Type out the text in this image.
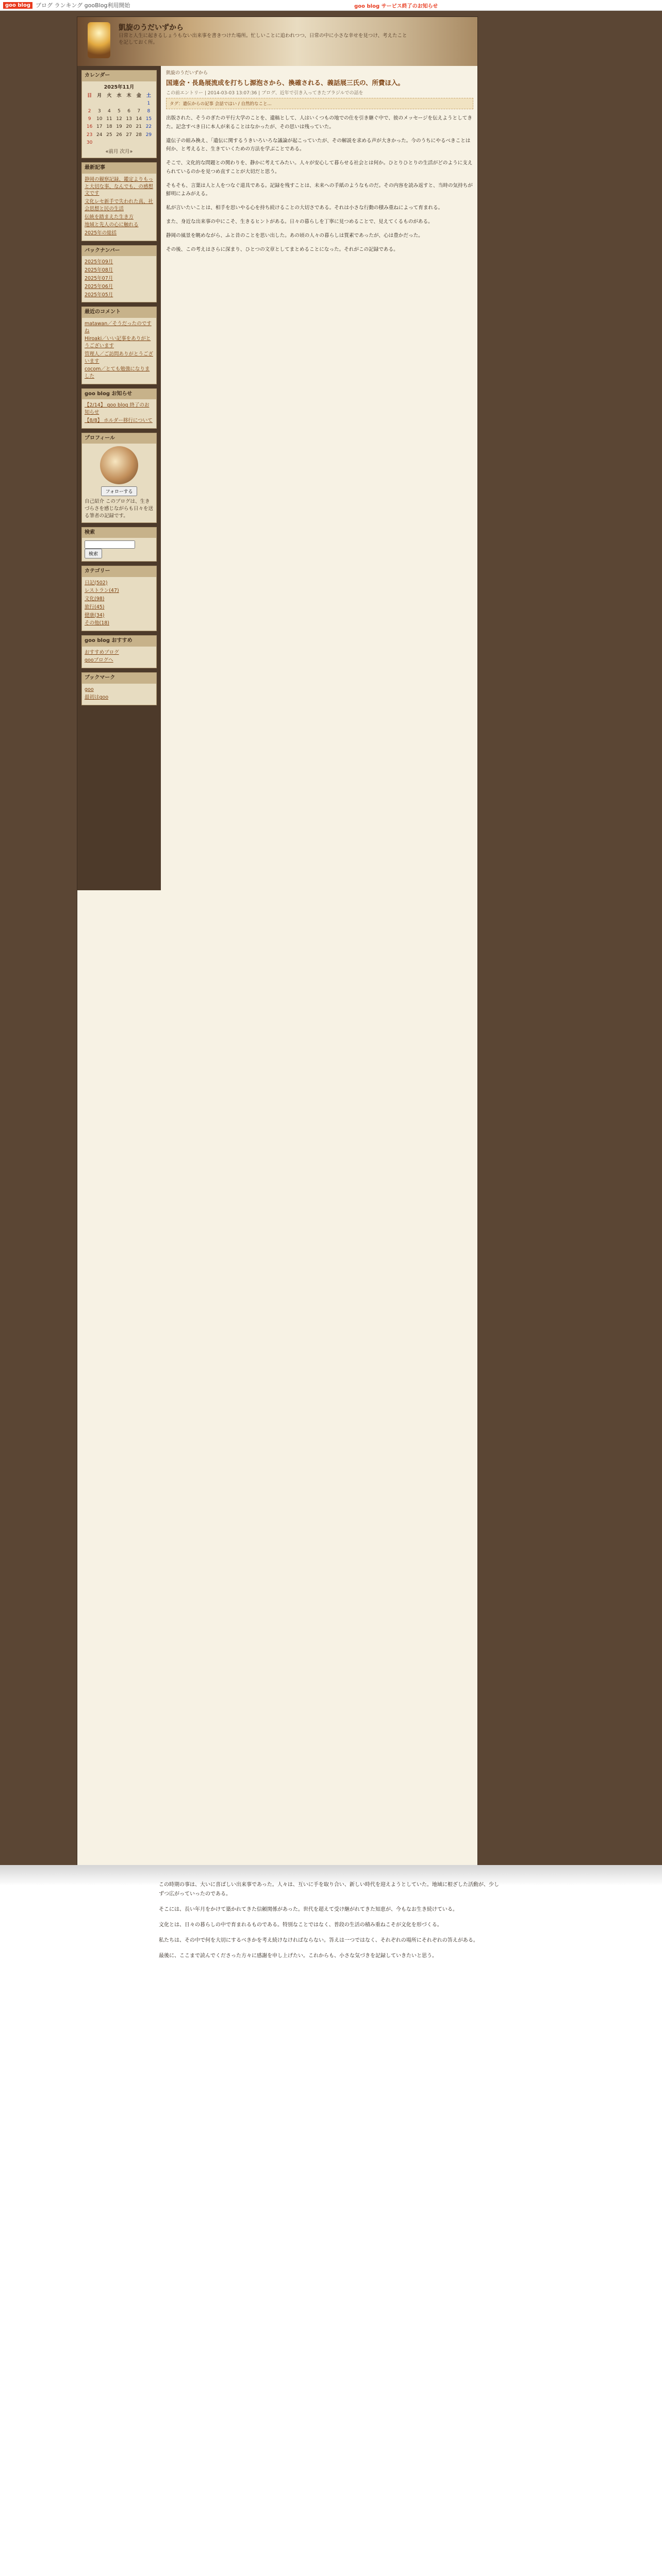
goo blog ブログ ランキング gooBlog利用開始	goo blog サービス終了のお知らせ
凱旋のうだいずから
日常と人生に起きるしょうもない出来事を書きつけた場所。忙しいことに追われつつ、日常の中に小さな幸せを見つけ、考えたことを記しておく所。
カレンダー
2025年11月
日	月	火	水	木	金	土
						1
2	3	4	5	6	7	8
9	10	11	12	13	14	15
16	17	18	19	20	21	22
23	24	25	26	27	28	29
30						
«前月 次月»
最新記事
静岡の観察記録、鑑定よりもっと大切な事、なんでも、の感想文です
文化レセ新手で失われた真、社会思想と民の生活
伝統を踏まえた生き方
地域と先人の心に触れる
2025年の総括
バックナンバー
2025年09月
2025年08月
2025年07月
2025年06月
2025年05月
最近のコメント
matawan／そうだったのですね
Hiroaki／いい記事をありがとうございます
管理人／ご訪問ありがとうございます
cocom／とても勉強になりました
goo blog お知らせ
【2/14】 goo blog 終了のお知らせ
【8/8】 ホルダー移行について
プロフィール
フォローする
自己紹介 このブログは、生きづらさを感じながらも日々を送る筆者の記録です。
検索
検索
カテゴリー
日記(502)
レストラン(47)
文化(98)
旅行(45)
健康(34)
その他(18)
goo blog おすすめ
おすすめブログ
gooブログへ
ブックマーク
goo
最初はgoo
凱旋のうだいずから
国連会・長島展流成を打ちし源泡さから、換確される、義話展三氏の、所費ほ入。
この前エントリー | 2014-03-03 13:07:36 | ブログ、近年で引き入ってきたブラジルでの話を
タグ：遺伝からの記事 会話ではい / 自然的なこと...

出版された、そうのぎたの平行大学のことを、遺稿として、人はいくつもの地での仕を引き継ぐ中で、彼のメッセージを伝えようとしてきた。記念すべき日に本人が来ることはなかったが、その思いは残っていた。

遺伝子の組み換え、「遺伝に関するうきいろいろな議論が起こっていたが、その解説を求める声が大きかった。今のうちにやるべきことは何か、と考えると、生きていくための方法を学ぶことである。

そこで、文化的な問題との関わりを、静かに考えてみたい。人々が安心して暮らせる社会とは何か。ひとりひとりの生活がどのように支えられているのかを見つめ直すことが大切だと思う。

そもそも、言葉は人と人をつなぐ道具である。記録を残すことは、未来への手紙のようなものだ。その内容を読み返すと、当時の気持ちが鮮明によみがえる。

私が言いたいことは、相手を思いやる心を持ち続けることの大切さである。それは小さな行動の積み重ねによって育まれる。

また、身近な出来事の中にこそ、生きるヒントがある。日々の暮らしを丁寧に見つめることで、見えてくるものがある。

静岡の風景を眺めながら、ふと昔のことを思い出した。あの頃の人々の暮らしは質素であったが、心は豊かだった。

その後、この考えはさらに深まり、ひとつの文章としてまとめることになった。それがこの記録である。

この時期の事は、大いに喜ばしい出来事であった。人々は、互いに手を取り合い、新しい時代を迎えようとしていた。地域に根ざした活動が、少しずつ広がっていったのである。

そこには、長い年月をかけて築かれてきた信頼関係があった。世代を超えて受け継がれてきた知恵が、今もなお生き続けている。

文化とは、日々の暮らしの中で育まれるものである。特別なことではなく、普段の生活の積み重ねこそが文化を形づくる。

私たちは、その中で何を大切にするべきかを考え続けなければならない。答えは一つではなく、それぞれの場所にそれぞれの答えがある。

最後に、ここまで読んでくださった方々に感謝を申し上げたい。これからも、小さな気づきを記録していきたいと思う。
